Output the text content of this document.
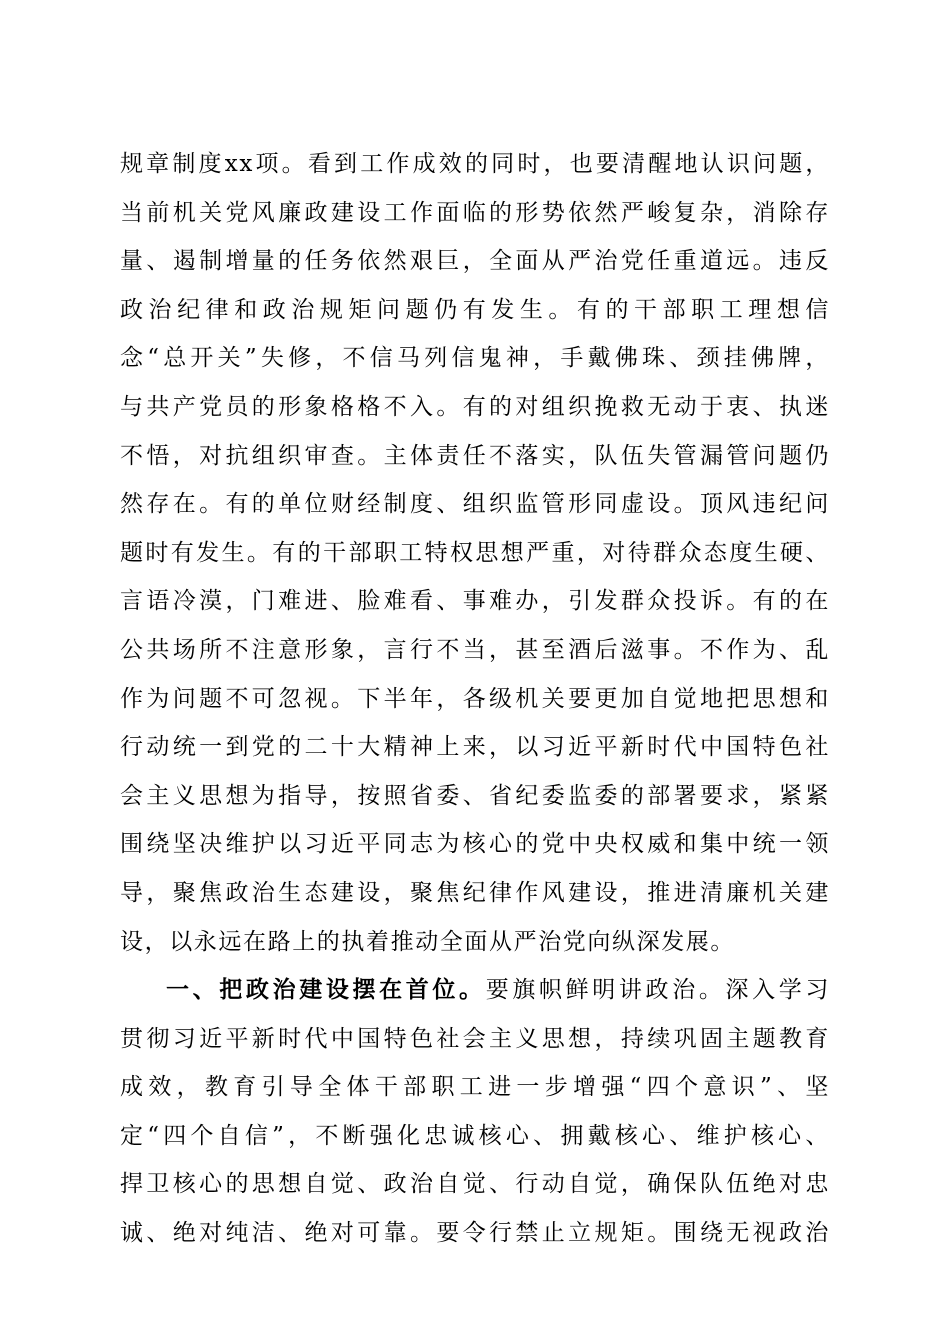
规章制度xx项。看到工作成效的同时，也要清醒地认识问题，
当前机关党风廉政建设工作面临的形势依然严峻复杂，消除存
量、遏制增量的任务依然艰巨，全面从严治党任重道远。违反
政治纪律和政治规矩问题仍有发生。有的干部职工理想信
念“总开关”失修，不信马列信鬼神，手戴佛珠、颈挂佛牌，
与共产党员的形象格格不入。有的对组织挽救无动于衷、执迷
不悟，对抗组织审查。主体责任不落实，队伍失管漏管问题仍
然存在。有的单位财经制度、组织监管形同虚设。顶风违纪问
题时有发生。有的干部职工特权思想严重，对待群众态度生硬、
言语冷漠，门难进、脸难看、事难办，引发群众投诉。有的在
公共场所不注意形象，言行不当，甚至酒后滋事。不作为、乱
作为问题不可忽视。下半年，各级机关要更加自觉地把思想和
行动统一到党的二十大精神上来，以习近平新时代中国特色社
会主义思想为指导，按照省委、省纪委监委的部署要求，紧紧
围绕坚决维护以习近平同志为核心的党中央权威和集中统一领
导，聚焦政治生态建设，聚焦纪律作风建设，推进清廉机关建
设，以永远在路上的执着推动全面从严治党向纵深发展。
一、把政治建设摆在首位。要旗帜鲜明讲政治。深入学习
贯彻习近平新时代中国特色社会主义思想，持续巩固主题教育
成效，教育引导全体干部职工进一步增强“四个意识”、坚
定“四个自信”，不断强化忠诚核心、拥戴核心、维护核心、
捍卫核心的思想自觉、政治自觉、行动自觉，确保队伍绝对忠
诚、绝对纯洁、绝对可靠。要令行禁止立规矩。围绕无视政治
